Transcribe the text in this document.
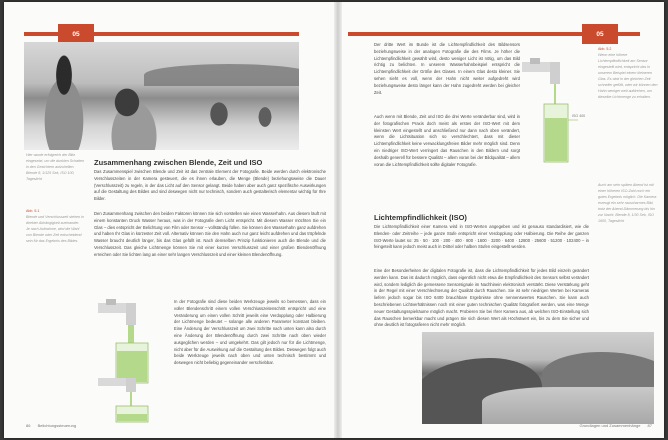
05
Hier wurde erfolgreich der Blitz eingesetzt, um die dunklen Schatten in den Gesichtern aufzuhellen. Blende 8, 1/125 Sek, ISO 100, Tageslicht
Abb. 5.1
Blende und Verschlusszeit stehen in direkter Abhängigkeit zueinander. Je nach Aufnahme, wird die Wahl von Blende oder Zeit entscheidend sein für das Ergebnis des Bildes.
Zusammenhang zwischen Blende, Zeit und ISO
Das Zusammenspiel zwischen Blende und Zeit ist das zentrale Element der Fotografie. Beide werden durch elektronische Verschlusszeiten in der Kamera gesteuert, die es ihnen erlauben, die Menge (Blende) beziehungsweise die Dauer (Verschlusszeit) zu regeln, in der das Licht auf den Sensor gelangt. Beide haben aber auch ganz spezifische Auswirkungen auf die Gestaltung des Bildes und sind deswegen nicht nur technisch, sondern auch gestalterisch elementar wichtig für Ihre Bilder.
Den Zusammenhang zwischen den beiden Faktoren können Sie sich vorstellen wie einen Wasserhahn. Aus diesem läuft mit einem konstanten Druck Wasser heraus, was in der Fotografie dem Licht entspricht. Mit diesem Wasser möchten Sie ein Glas – dies entspricht der Belichtung von Film oder Sensor – vollständig füllen. Sie können den Wasserhahn ganz aufdrehen und haben Ihr Glas in kürzester Zeit voll. Alternativ können Sie den Hahn auch nur ganz leicht aufdrehen und das tröpfelnde Wasser braucht deutlich länger, bis das Glas gefüllt ist. Nach demselben Prinzip funktionieren auch die Blende und die Verschlusszeit. Das gleiche Lichtmenge können Sie mit einer kurzen Verschlusszeit und einer großen Blendenöffnung erreichen oder Sie lichten lang an einer sehr langen Verschlusszeit und einer kleinen Blendenöffnung.
In der Fotografie sind diese beiden Werkzeuge jeweils so bemessen, dass ein voller Blendenschritt einem vollen Verschlusszeitenschritt entspricht und eine Veränderung um einen vollen Schritt jeweils eine Verdopplung oder Halbierung der Lichtmenge bedeutet – solange alle anderen Parameter konstant bleiben. Eine Änderung der Verschlusszeit um zwei Schritte nach unten kann also durch eine Änderung der Blendenöffnung durch zwei Schritte nach oben wieder ausgeglichen werden – und umgekehrt. Das gilt jedoch nur für die Lichtmenge, nicht aber für die Auswirkung auf die Gestaltung des Bildes. Deswegen folgt auch beide Werkzeuge jeweils nach oben und unten technisch bestimmt und deswegen nicht beliebig gegeneinander verschiebbar.
86 Belichtungssteuerung
05
Der dritte Wert im Bunde ist die Lichtempfindlichkeit des Bildsensors beziehungsweise in der analogen Fotografie die des Films. Je höher die Lichtempfindlichkeit gewählt wird, desto weniger Licht ist nötig, um das Bild richtig zu belichten. In unserem Wasserhahnbeispiel entspricht die Lichtempfindlichkeit der Größe des Glases. In einem Glas desto kleiner. Sie sehen sieht es voll, wenn der Hahn nicht weiter aufgedreht wird beziehungsweise desto länger kann der Hahn zugedreht werden bei gleicher Zeit.
Auch wenn mit Blende, Zeit und ISO die drei Werte veränderbar sind, wird in der fotografischen Praxis doch meist als erstes der ISO-Wert mit dem kleinsten Wert eingestellt und anschließend nur dann nach oben verändert, wenn die Lichtsituation sich so verschlechtert, dass mit dieser Lichtempfindlichkeit keine verwacklungsfreien Bilder mehr möglich sind. Denn ein niedriger ISO-Wert verringert das Rauschen in den Bildern und sorgt deshalb generell für bessere Qualität – allem voran bei der Bildqualität – allem voran die Lichtempfindlichkeit sollte digitaler Fotografie.
ISO 400
Abb. 5.2
Wenn eine höhere Lichtempfindlichkeit am Sensor eingestellt wird, entspricht das in unserem Beispiel einem kleineren Glas. Es wird in der gleichen Zeit schneller gefüllt, oder wir können den Hahn weniger weit aufdrehen, um dieselbe Lichtmenge zu erhalten.
Auch am sehr späten Abend ist mit einer höheren ISO-Zahl noch ein gutes Ergebnis möglich. Die Kamera erzeugt ein sehr rauscharmes Bild, trotz der Abend-Dämmerung bis hin zur Nacht. Blende 8, 1/30 Sek, ISO 1600, Tageslicht
Lichtempfindlichkeit (ISO)
Die Lichtempfindlichkeit einer Kamera wird in ISO-Werten angegeben und ist genauso standardisiert, wie die Blenden- oder Zeitreihe – jede ganze Stufe entspricht einer Verdopplung oder Halbierung. Die Reihe der ganzen ISO-Werte lautet so: 25 · 50 · 100 · 200 · 400 · 800 · 1600 · 3200 · 6400 · 12800 · 25600 · 51200 · 102400 – in feingeteilt kann jedoch meist auch in Drittel oder halben Stufen eingestellt werden.
Eine der Besonderheiten der digitalen Fotografie ist, dass die Lichtempfindlichkeit für jedes Bild einzeln geändert werden kann. Das ist dadurch möglich, dass eigentlich nicht etwa die Empfindlichkeit des Sensors selbst verändert wird, sondern lediglich die gemessene Sensorsignale im Nachhinein elektronisch verstärkt. Diese Verstärkung geht in der Regel mit einer Verschlechterung der Qualität durch Rauschen. Sie ist sehr niedrigen Werten bei Kameras liefern jedoch sogar bis ISO 6400 brauchbare Ergebnisse ohne nennenswertes Rauschen. Sie kann auch beschriebenen Lichtverhältnissen noch mit einer guten technischen Qualität fotografiert werden, was eine Menge neuer Gestaltungsspielräume möglich macht. Probieren Sie bei Ihrer Kamera aus, ab welchen ISO-Einstellung sich das Rauschen bemerkbar macht und prägen Sie sich diesen Wert als Höchstwert ein, bis zu dem Sie sicher und ohne deutlich ist fotografieren nicht mehr möglich.
Grundlagen und Zusammenhänge 87
